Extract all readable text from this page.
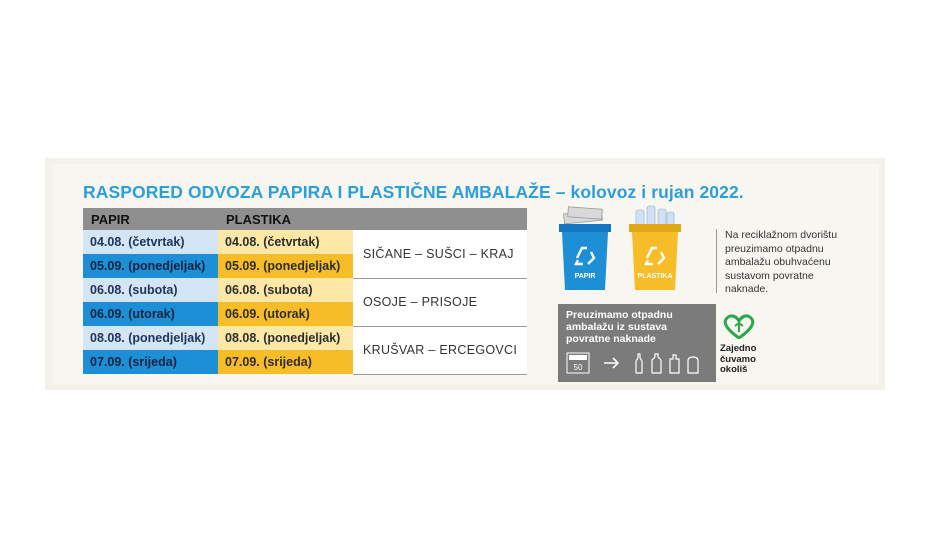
RASPORED ODVOZA PAPIRA I PLASTIČNE AMBALAŽE – kolovoz i rujan 2022.
PAPIR	PLASTIKA	
04.08. (četvrtak)	04.08. (četvrtak)	SIČANE – SUŠCI – KRAJ
05.09. (ponedjeljak)	05.09. (ponedjeljak)	
06.08. (subota)	06.08. (subota)	OSOJE – PRISOJE
06.09. (utorak)	06.09. (utorak)	
08.08. (ponedjeljak)	08.08. (ponedjeljak)	KRUŠVAR – ERCEGOVCI
07.09. (srijeda)	07.09. (srijeda)	
PAPIR	PLASTIKA
Preuzimamo otpadnu ambalažu iz sustava povratne naknade
50
Na reciklažnom dvorištu preuzimamo otpadnu ambalažu obuhvaćenu sustavom povratne naknade.
Zajedno
čuvamo
okoliš
